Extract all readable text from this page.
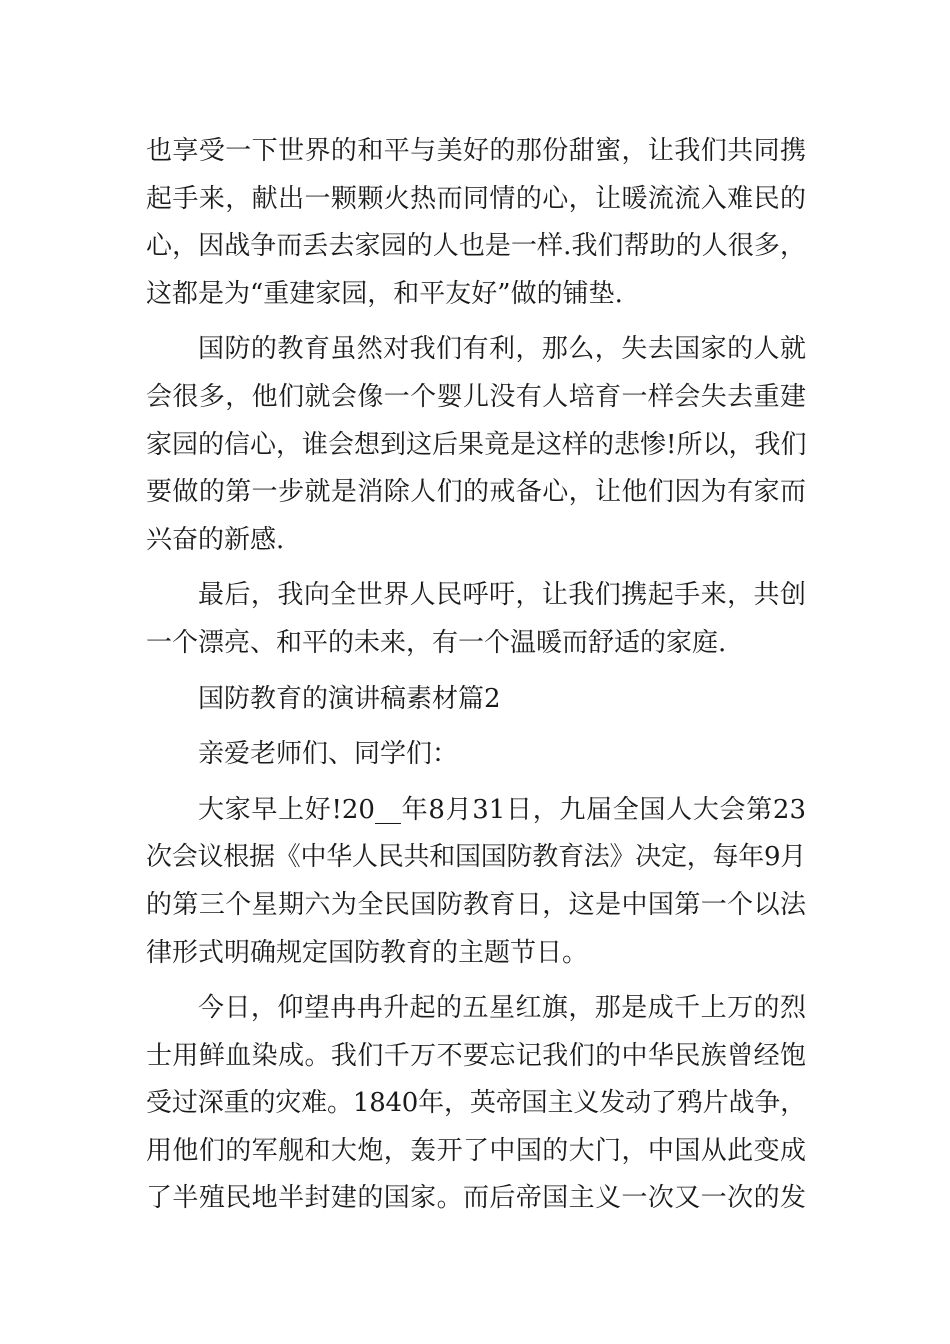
也享受一下世界的和平与美好的那份甜蜜，让我们共同携
起手来，献出一颗颗火热而同情的心，让暖流流入难民的
心，因战争而丢去家园的人也是一样.我们帮助的人很多，
这都是为“重建家园，和平友好”做的铺垫.
国防的教育虽然对我们有利，那么，失去国家的人就
会很多，他们就会像一个婴儿没有人培育一样会失去重建
家园的信心，谁会想到这后果竟是这样的悲惨!所以，我们
要做的第一步就是消除人们的戒备心，让他们因为有家而
兴奋的新感.
最后，我向全世界人民呼吁，让我们携起手来，共创
一个漂亮、和平的未来，有一个温暖而舒适的家庭.
国防教育的演讲稿素材篇2
亲爱老师们、同学们：
大家早上好!20__年8月31日，九届全国人大会第23
次会议根据《中华人民共和国国防教育法》决定，每年9月
的第三个星期六为全民国防教育日，这是中国第一个以法
律形式明确规定国防教育的主题节日。
今日，仰望冉冉升起的五星红旗，那是成千上万的烈
士用鲜血染成。我们千万不要忘记我们的中华民族曾经饱
受过深重的灾难。1840年，英帝国主义发动了鸦片战争，
用他们的军舰和大炮，轰开了中国的大门，中国从此变成
了半殖民地半封建的国家。而后帝国主义一次又一次的发
